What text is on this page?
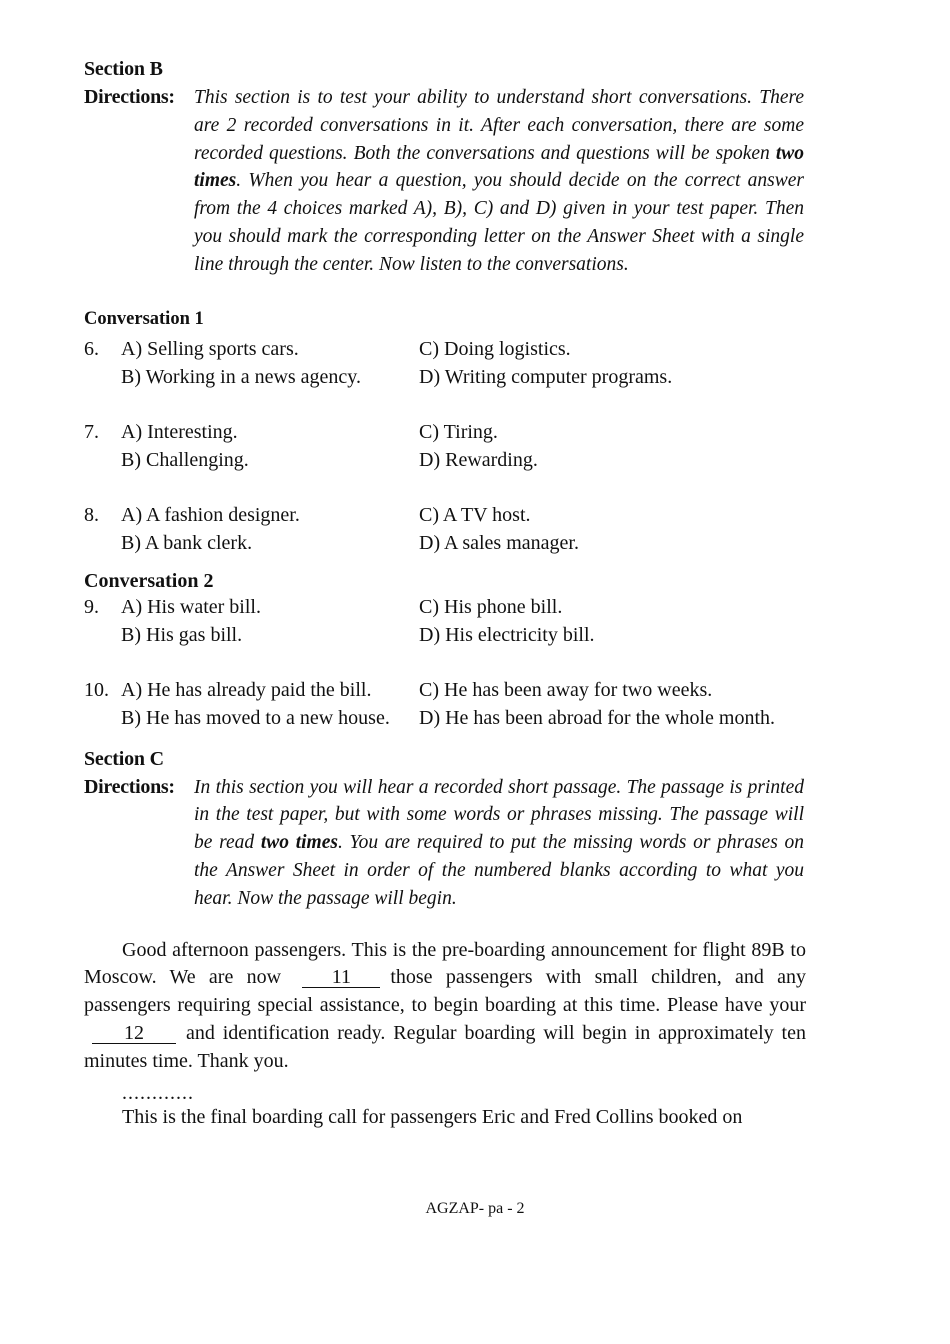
Section B
Directions: This section is to test your ability to understand short conversations. There are 2 recorded conversations in it. After each conversation, there are some recorded questions. Both the conversations and questions will be spoken two times. When you hear a question, you should decide on the correct answer from the 4 choices marked A), B), C) and D) given in your test paper. Then you should mark the corresponding letter on the Answer Sheet with a single line through the center. Now listen to the conversations.
Conversation 1
6.	A) Selling sports cars.
B) Working in a news agency.
C) Doing logistics.
D) Writing computer programs.
7.	A) Interesting.
B) Challenging.
C) Tiring.
D) Rewarding.
8.	A) A fashion designer.
B) A bank clerk.
C) A TV host.
D) A sales manager.
Conversation 2
9.	A) His water bill.
B) His gas bill.
C) His phone bill.
D) His electricity bill.
10. A) He has already paid the bill.
B) He has moved to a new house.
C) He has been away for two weeks.
D) He has been abroad for the whole month.
Section C
Directions: In this section you will hear a recorded short passage. The passage is printed in the test paper, but with some words or phrases missing. The passage will be read two times. You are required to put the missing words or phrases on the Answer Sheet in order of the numbered blanks according to what you hear. Now the passage will begin.
Good afternoon passengers. This is the pre-boarding announcement for flight 89B to Moscow. We are now	11 those passengers with small children, and any passengers requiring special assistance, to begin boarding at this time. Please have your 12 and identification ready. Regular boarding will begin in approximately ten minutes time. Thank you.
............
This is the final boarding call for passengers Eric and Fred Collins booked on
AGZAP- pa - 2
